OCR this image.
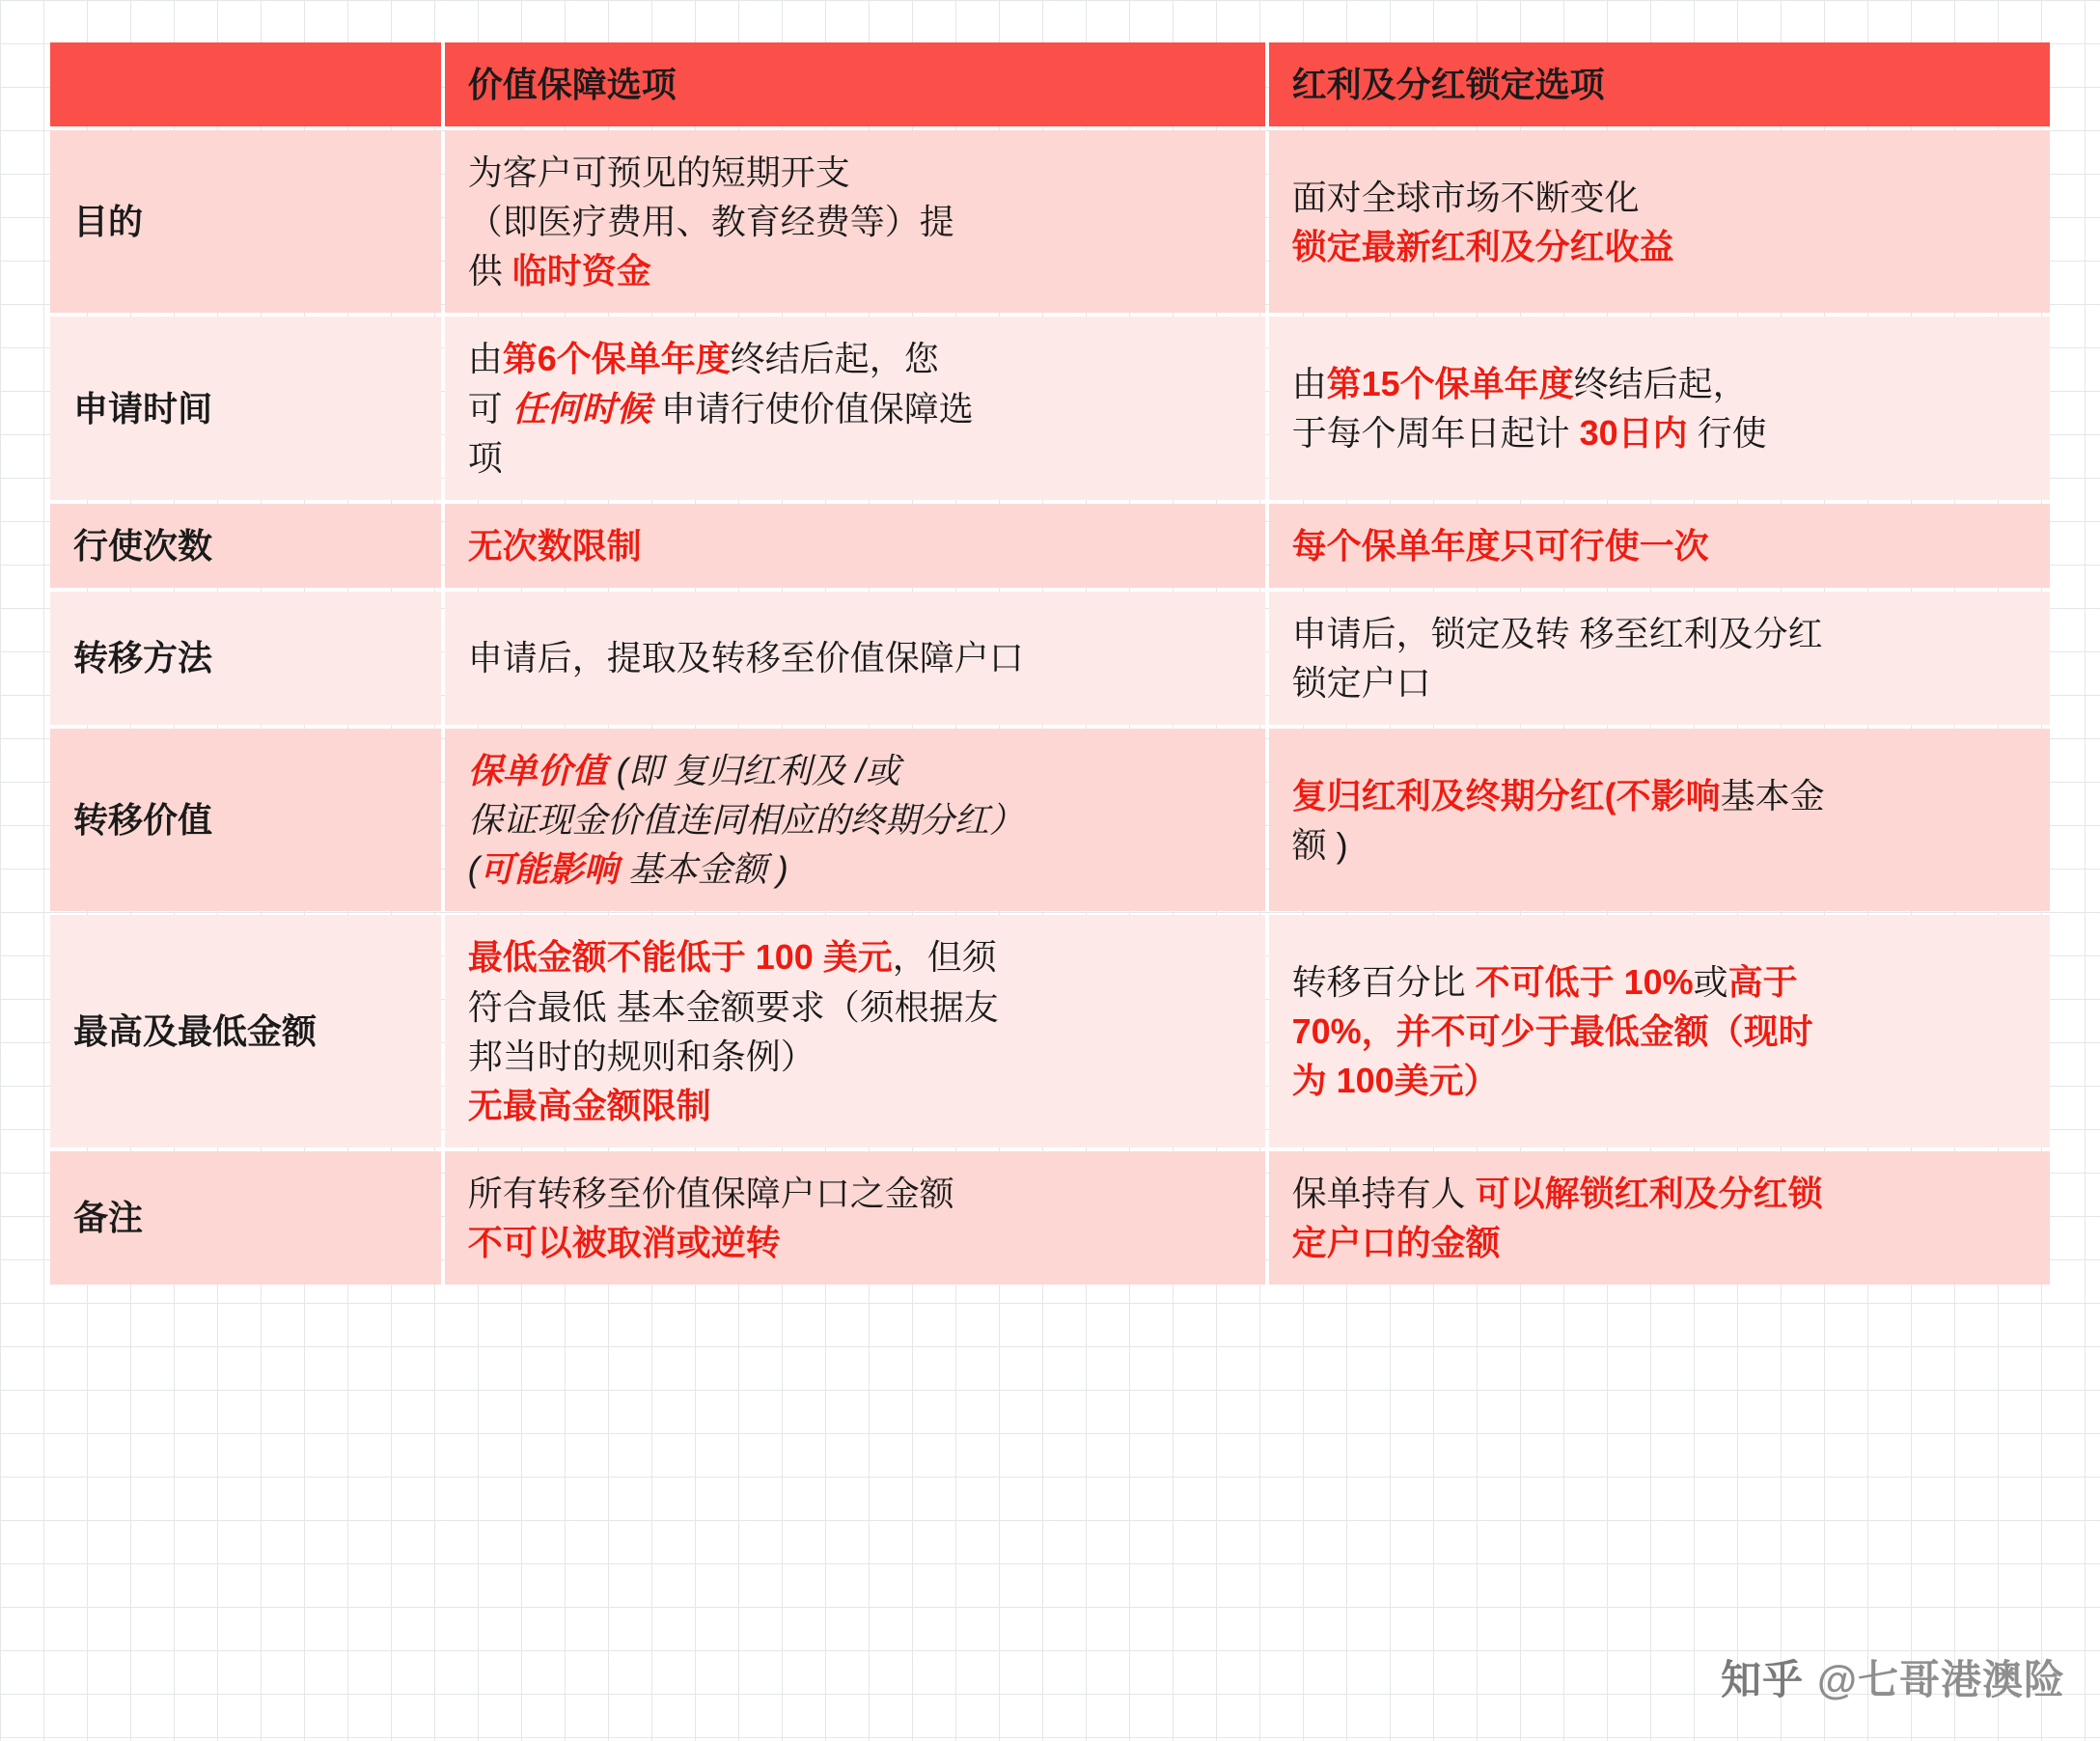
	价值保障选项	红利及分红锁定选项
目的	为客户可预见的短期开支
（即医疗费用、教育经费等）提
供 临时资金	面对全球市场不断变化
锁定最新红利及分红收益

申请时间	由第6个保单年度终结后起，您
可 任何时候 申请行使价值保障选
项	由第15个保单年度终结后起，
于每个周年日起计 30日内 行使

行使次数	无次数限制	每个保单年度只可行使一次

转移方法	申请后，提取及转移至价值保障户口	申请后，锁定及转 移至红利及分红
锁定户口

转移价值	保单价值 (即 复归红利及 /或
保证现金价值连同相应的终期分红）
(可能影响 基本金额 )	复归红利及终期分红(不影响基本金
额 )

最高及最低金额	最低金额不能低于 100 美元，但须
符合最低 基本金额要求（须根据友
邦当时的规则和条例）
无最高金额限制	转移百分比 不可低于 10%或高于
70%，并不可少于最低金额（现时
为 100美元）

备注	所有转移至价值保障户口之金额
不可以被取消或逆转	保单持有人 可以解锁红利及分红锁
定户口的金额
知乎 @七哥港澳险
